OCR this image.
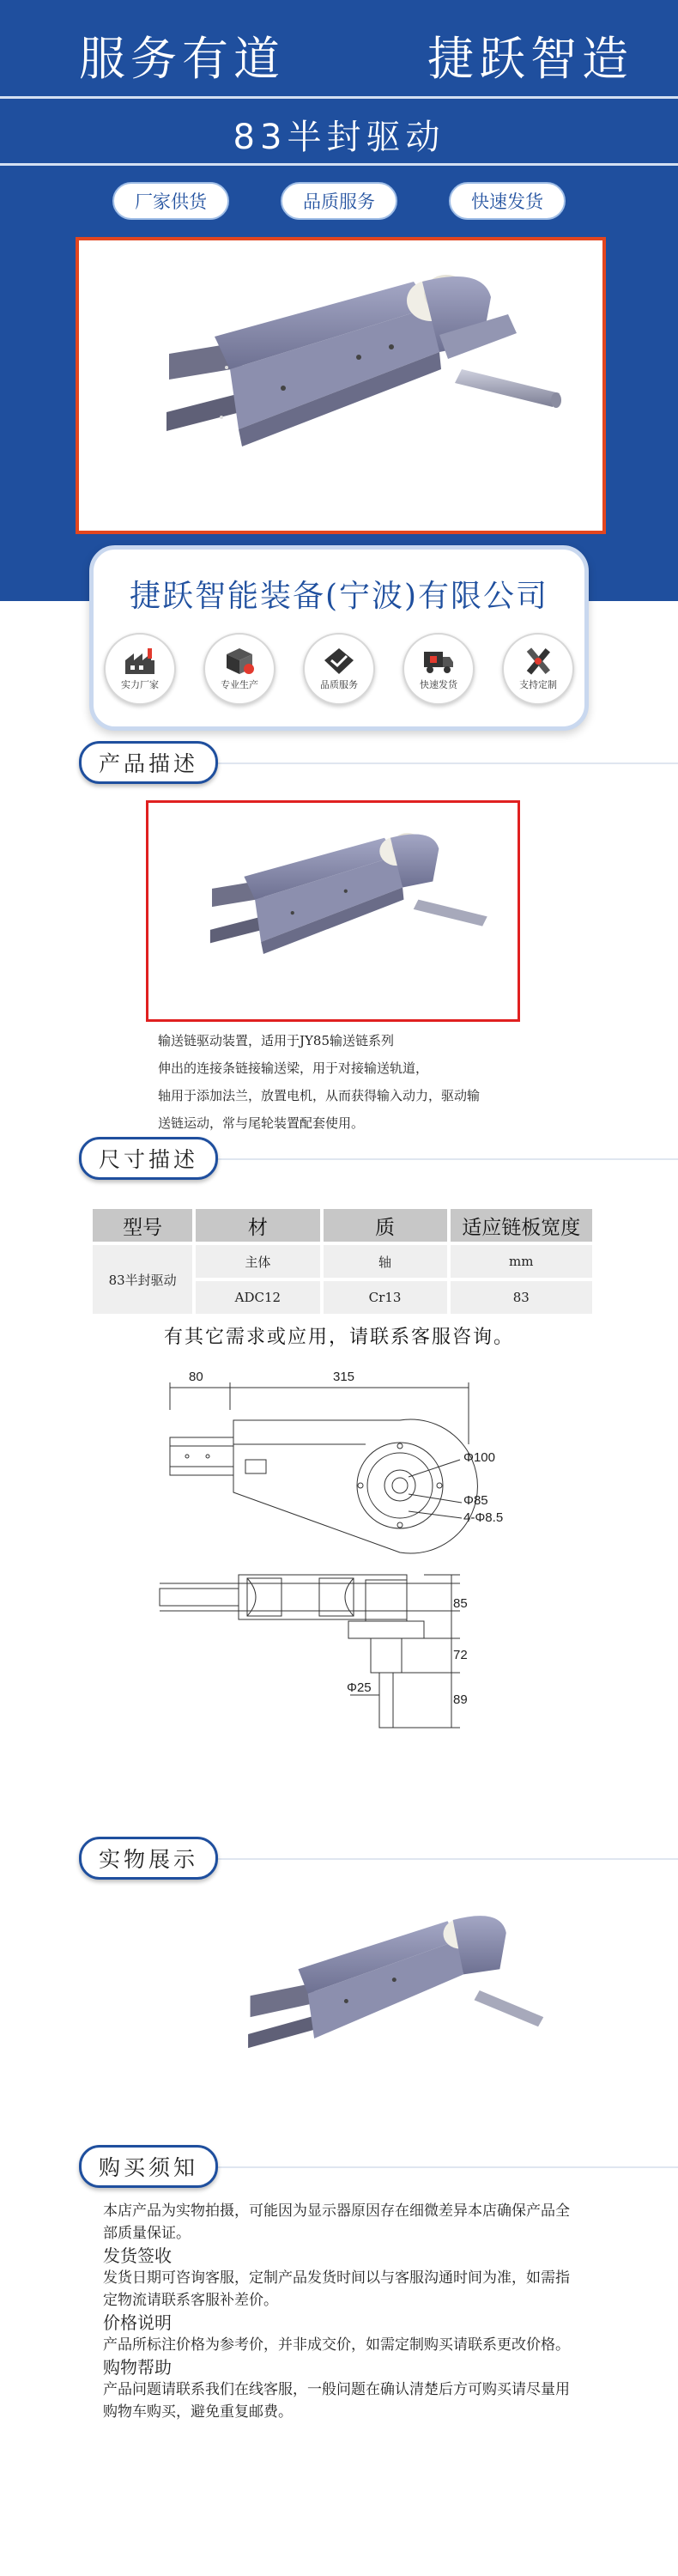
服务有道	捷跃智造
83半封驱动
厂家供货	品质服务	快速发货
捷跃智能装备(宁波)有限公司
实力厂家	专业生产	品质服务	快速发货	支持定制
产品描述
输送链驱动装置，适用于JY85输送链系列
伸出的连接条链接输送梁，用于对接输送轨道，
轴用于添加法兰，放置电机，从而获得输入动力，驱动输
送链运动，常与尾轮装置配套使用。
尺寸描述
型号	材	质	适应链板宽度
83半封驱动	主体	轴	mm
	ADC12	Cr13	83
有其它需求或应用，请联系客服咨询。
80	315
Φ100
Φ85
4-Φ8.5
85
72
89
Φ25
实物展示
购买须知

本店产品为实物拍摄，可能因为显示器原因存在细微差异本店确保产品全部质量保证。

发货签收

发货日期可咨询客服，定制产品发货时间以与客服沟通时间为准，如需指定物流请联系客服补差价。

价格说明

产品所标注价格为参考价，并非成交价，如需定制购买请联系更改价格。

购物帮助

产品问题请联系我们在线客服，一般问题在确认清楚后方可购买请尽量用购物车购买，避免重复邮费。
